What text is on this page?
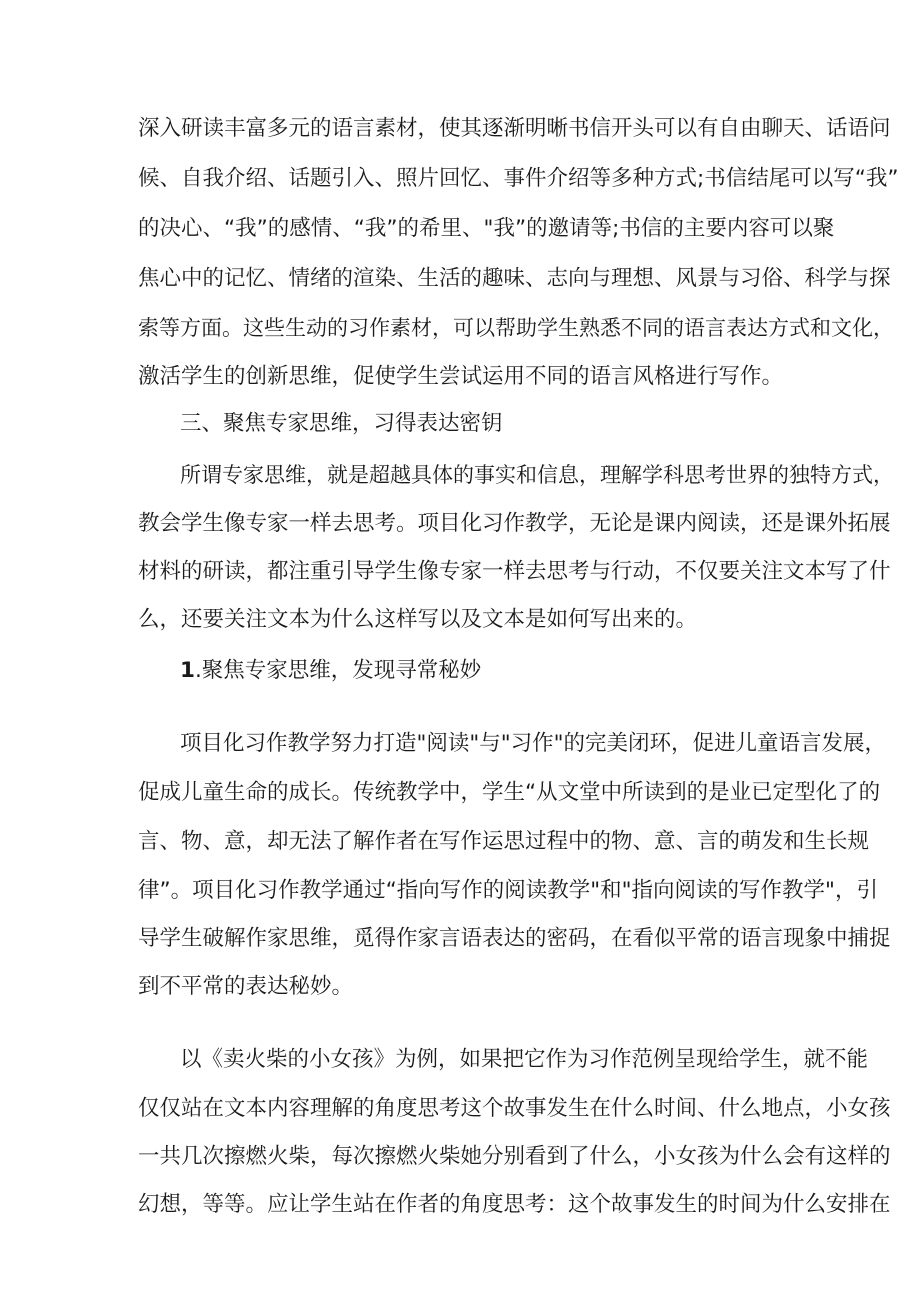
深入研读丰富多元的语言素材，使其逐渐明晰书信开头可以有自由聊天、话语问
候、自我介绍、话题引入、照片回忆、事件介绍等多种方式;书信结尾可以写“我”
的决心、“我”的感情、“我”的希里、"我”的邀请等;书信的主要内容可以聚
焦心中的记忆、情绪的渲染、生活的趣味、志向与理想、风景与习俗、科学与探
索等方面。这些生动的习作素材，可以帮助学生熟悉不同的语言表达方式和文化，
激活学生的创新思维，促使学生尝试运用不同的语言风格进行写作。
三、聚焦专家思维，习得表达密钥
所谓专家思维，就是超越具体的事实和信息，理解学科思考世界的独特方式，
教会学生像专家一样去思考。项目化习作教学，无论是课内阅读，还是课外拓展
材料的研读，都注重引导学生像专家一样去思考与行动，不仅要关注文本写了什
么，还要关注文本为什么这样写以及文本是如何写出来的。
1.聚焦专家思维，发现寻常秘妙
项目化习作教学努力打造"阅读"与"习作"的完美闭环，促进儿童语言发展，
促成儿童生命的成长。传统教学中，学生“从文堂中所读到的是业已定型化了的
言、物、意，却无法了解作者在写作运思过程中的物、意、言的萌发和生长规
律”。项目化习作教学通过“指向写作的阅读教学"和"指向阅读的写作教学"，引
导学生破解作家思维，觅得作家言语表达的密码，在看似平常的语言现象中捕捉
到不平常的表达秘妙。
以《卖火柴的小女孩》为例，如果把它作为习作范例呈现给学生，就不能
仅仅站在文本内容理解的角度思考这个故事发生在什么时间、什么地点，小女孩
一共几次擦燃火柴，每次擦燃火柴她分别看到了什么，小女孩为什么会有这样的
幻想，等等。应让学生站在作者的角度思考：这个故事发生的时间为什么安排在
